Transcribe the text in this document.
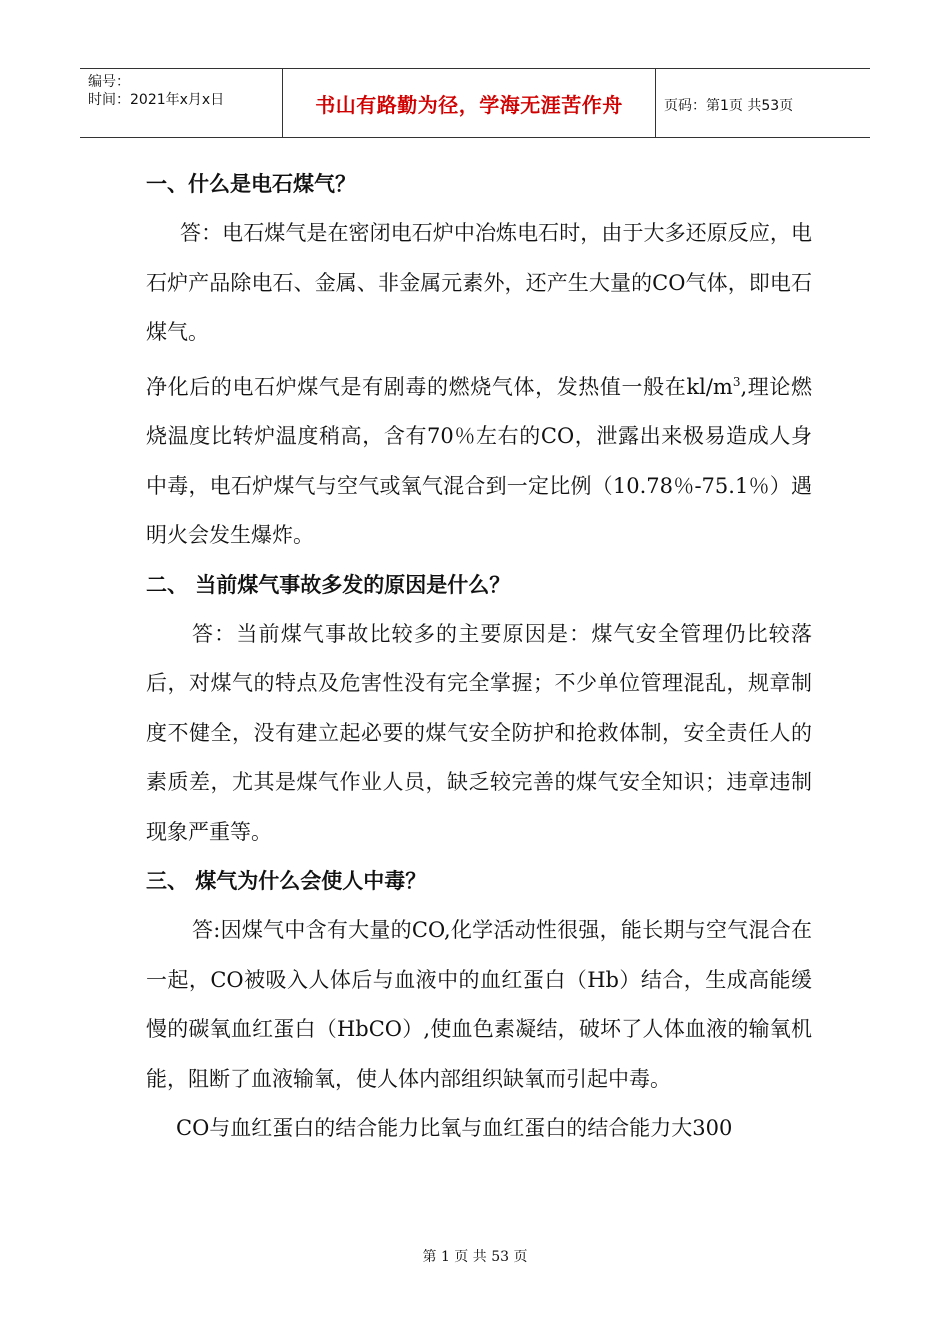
编号：
时间：2021年x月x日	书山有路勤为径，学海无涯苦作舟	页码：第1页 共53页

一、什么是电石煤气？

答：电石煤气是在密闭电石炉中冶炼电石时，由于大多还原反应，电石炉产品除电石、金属、非金属元素外，还产生大量的CO气体，即电石煤气。

净化后的电石炉煤气是有剧毒的燃烧气体，发热值一般在$kl/m^3$,理论燃烧温度比转炉温度稍高，含有70％左右的CO，泄露出来极易造成人身中毒，电石炉煤气与空气或氧气混合到一定比例（10.78％-75.1％）遇明火会发生爆炸。

二、 当前煤气事故多发的原因是什么？

答：当前煤气事故比较多的主要原因是：煤气安全管理仍比较落后，对煤气的特点及危害性没有完全掌握；不少单位管理混乱，规章制度不健全，没有建立起必要的煤气安全防护和抢救体制，安全责任人的素质差，尤其是煤气作业人员，缺乏较完善的煤气安全知识；违章违制现象严重等。

三、 煤气为什么会使人中毒？

答:因煤气中含有大量的CO,化学活动性很强，能长期与空气混合在一起，CO被吸入人体后与血液中的血红蛋白（Hb）结合，生成高能缓慢的碳氧血红蛋白（HbCO）,使血色素凝结，破坏了人体血液的输氧机能，阻断了血液输氧，使人体内部组织缺氧而引起中毒。

CO与血红蛋白的结合能力比氧与血红蛋白的结合能力大300

第 1 页 共 53 页
